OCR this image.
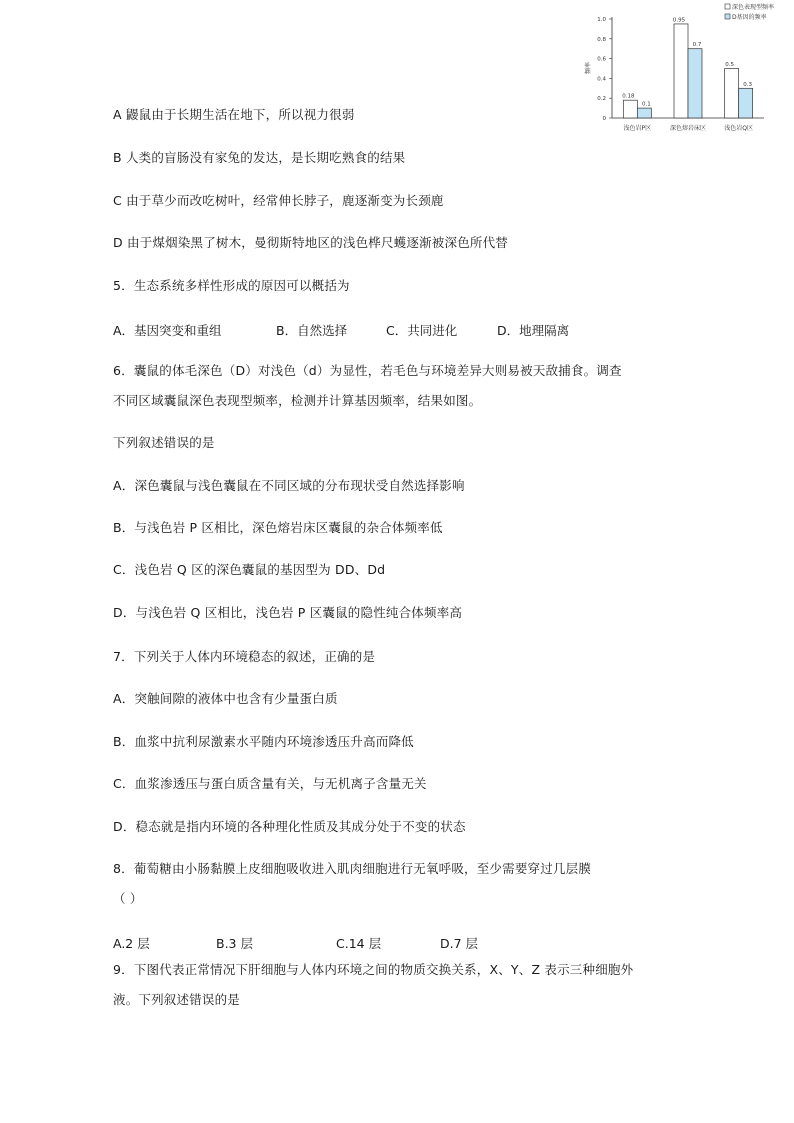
0
0.2
0.4
0.6
0.8
1.0
频率
0.18
0.1
浅色岩P区
0.95
0.7
深色熔岩床区
0.5
0.3
浅色岩Q区
深色表现型频率
D基因的频率
A 鼹鼠由于长期生活在地下，所以视力很弱
B 人类的盲肠没有家兔的发达，是长期吃熟食的结果
C 由于草少而改吃树叶，经常伸长脖子，鹿逐渐变为长颈鹿
D 由于煤烟染黑了树木，曼彻斯特地区的浅色桦尺蠖逐渐被深色所代替
5．生态系统多样性形成的原因可以概括为
A．基因突变和重组	B．自然选择	C．共同进化	D．地理隔离
6．囊鼠的体毛深色（D）对浅色（d）为显性，若毛色与环境差异大则易被天敌捕食。调查
不同区域囊鼠深色表现型频率，检测并计算基因频率，结果如图。
下列叙述错误的是
A．深色囊鼠与浅色囊鼠在不同区域的分布现状受自然选择影响
B．与浅色岩 P 区相比，深色熔岩床区囊鼠的杂合体频率低
C．浅色岩 Q 区的深色囊鼠的基因型为 DD、Dd
D．与浅色岩 Q 区相比，浅色岩 P 区囊鼠的隐性纯合体频率高
7．下列关于人体内环境稳态的叙述，正确的是
A．突触间隙的液体中也含有少量蛋白质
B．血浆中抗利尿激素水平随内环境渗透压升高而降低
C．血浆渗透压与蛋白质含量有关，与无机离子含量无关
D．稳态就是指内环境的各种理化性质及其成分处于不变的状态
8．葡萄糖由小肠黏膜上皮细胞吸收进入肌肉细胞进行无氧呼吸，至少需要穿过几层膜
（ ）
A.2 层	B.3 层	C.14 层	D.7 层
9．下图代表正常情况下肝细胞与人体内环境之间的物质交换关系，X、Y、Z 表示三种细胞外
液。下列叙述错误的是
